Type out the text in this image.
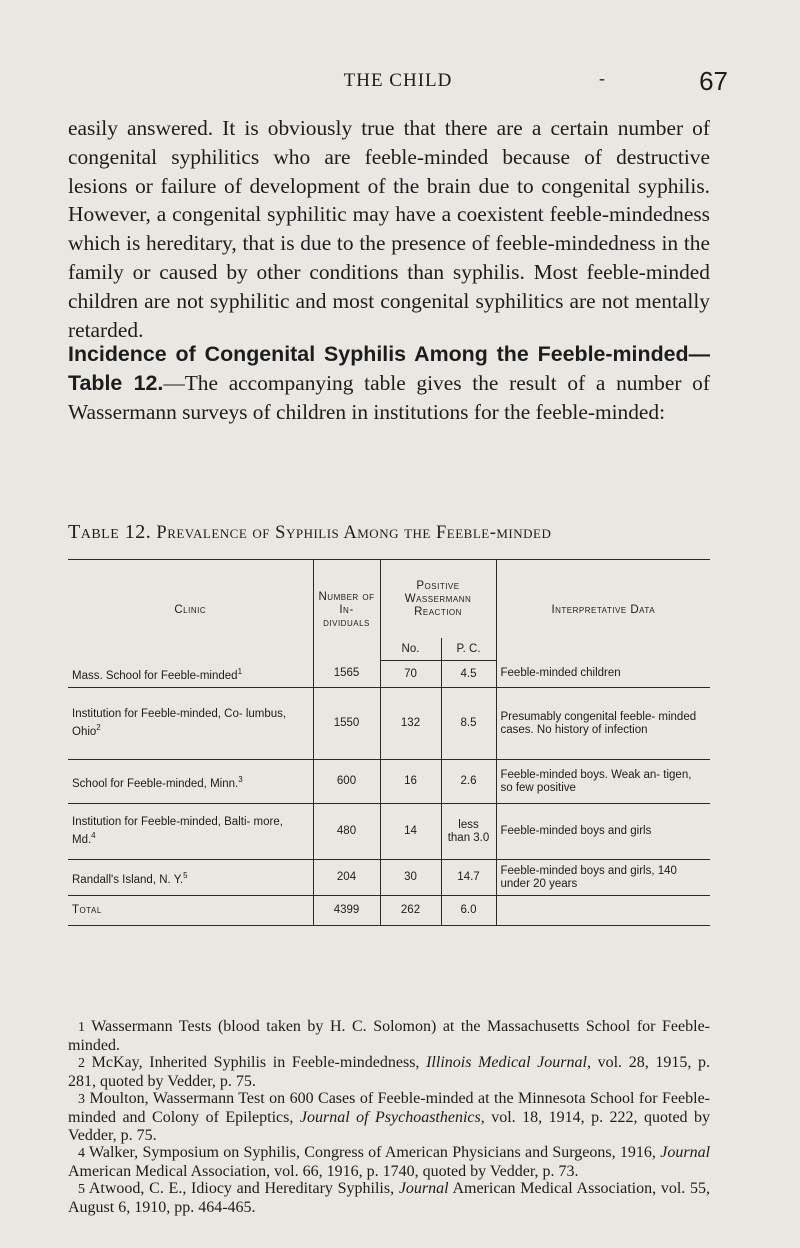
THE CHILD	-	67

easily answered. It is obviously true that there are a certain number of congenital syphilitics who are feeble-minded because of destructive lesions or failure of development of the brain due to congenital syphilis. However, a congenital syphilitic may have a coexistent feeble-mindedness which is hereditary, that is due to the presence of feeble-mindedness in the family or caused by other conditions than syphilis. Most feeble-minded children are not syphilitic and most congenital syphilitics are not mentally retarded.

Incidence of Congenital Syphilis Among the Feeble-minded—Table 12.—The accompanying table gives the result of a number of Wassermann surveys of children in institutions for the feeble-minded:

Table 12. Prevalence of Syphilis Among the Feeble-minded
Clinic	Number of In- dividuals	Positive Wassermann Reaction		Interpretative Data
		No.	P. C.	
Mass. School for Feeble-minded$^1$	1565	70	4.5	Feeble-minded children
Institution for Feeble-minded, Co- lumbus, Ohio$^2$	1550	132	8.5	Presumably congenital feeble- minded cases. No history of infection
School for Feeble-minded, Minn.$^3$	600	16	2.6	Feeble-minded boys. Weak an- tigen, so few positive
Institution for Feeble-minded, Balti- more, Md.$^4$	480	14	less than 3.0	Feeble-minded boys and girls
Randall's Island, N. Y.$^5$	204	30	14.7	Feeble-minded boys and girls, 140 under 20 years
Total	4399	262	6.0	

1 Wassermann Tests (blood taken by H. C. Solomon) at the Massachusetts School for Feeble-minded.

2 McKay, Inherited Syphilis in Feeble-mindedness, Illinois Medical Journal, vol. 28, 1915, p. 281, quoted by Vedder, p. 75.

3 Moulton, Wassermann Test on 600 Cases of Feeble-minded at the Minnesota School for Feeble-minded and Colony of Epileptics, Journal of Psychoasthenics, vol. 18, 1914, p. 222, quoted by Vedder, p. 75.

4 Walker, Symposium on Syphilis, Congress of American Physicians and Surgeons, 1916, Journal American Medical Association, vol. 66, 1916, p. 1740, quoted by Vedder, p. 73.

5 Atwood, C. E., Idiocy and Hereditary Syphilis, Journal American Medical Association, vol. 55, August 6, 1910, pp. 464-465.
